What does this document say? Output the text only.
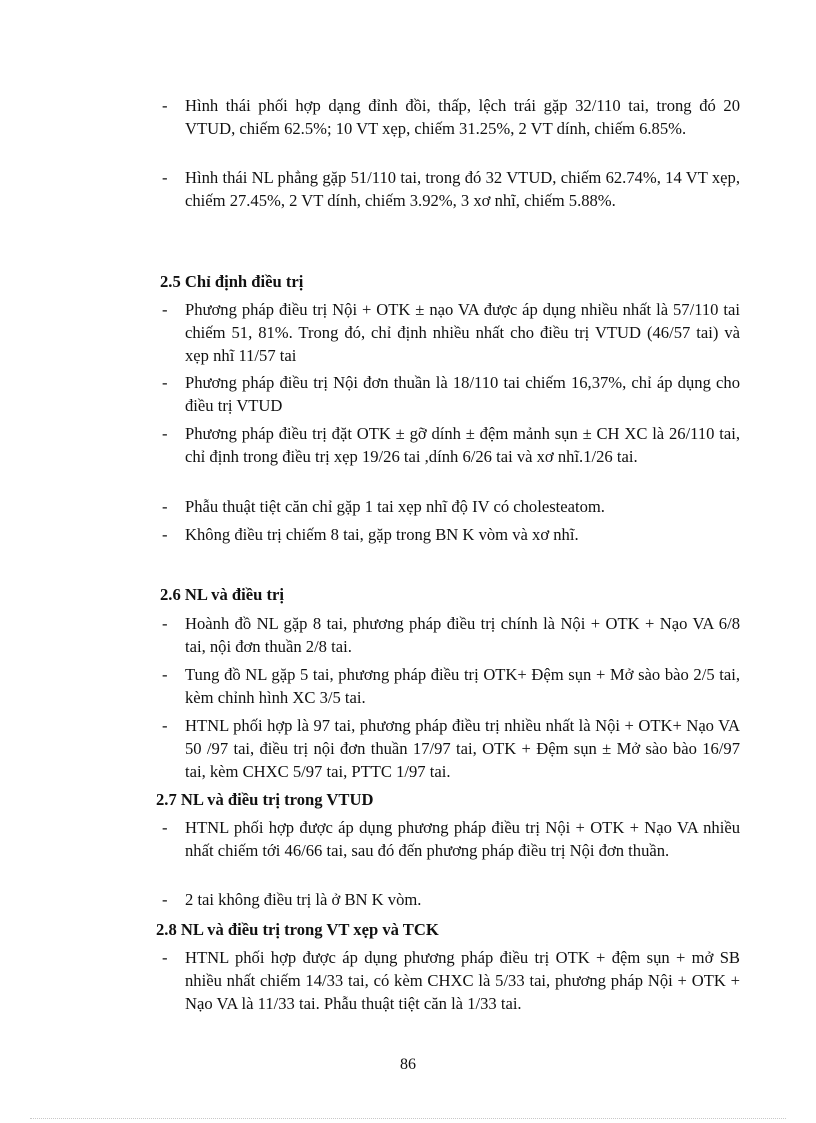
- Hình thái phối hợp dạng đỉnh đồi, thấp, lệch trái gặp 32/110 tai, trong đó 20 VTUD, chiếm 62.5%; 10 VT xẹp, chiếm 31.25%, 2 VT dính, chiếm 6.85%.
- Hình thái NL phẳng gặp 51/110 tai, trong đó 32 VTUD, chiếm 62.74%, 14 VT xẹp, chiếm 27.45%, 2 VT dính, chiếm 3.92%, 3 xơ nhĩ, chiếm 5.88%.
2.5 Chỉ định điều trị
- Phương pháp điều trị Nội + OTK ± nạo VA được áp dụng nhiều nhất là 57/110 tai chiếm 51, 81%. Trong đó, chỉ định nhiều nhất cho điều trị VTUD (46/57 tai) và xẹp nhĩ 11/57 tai
- Phương pháp điều trị Nội đơn thuần là 18/110 tai chiếm 16,37%, chỉ áp dụng cho điều trị VTUD
- Phương pháp điều trị đặt OTK ± gỡ dính ± đệm mảnh sụn ± CH XC là 26/110 tai, chỉ định trong điều trị xẹp 19/26 tai ,dính 6/26 tai và xơ nhĩ.1/26 tai.
- Phẫu thuật tiệt căn chỉ gặp 1 tai xẹp nhĩ độ IV có cholesteatom.
- Không điều trị chiếm 8 tai, gặp trong BN K vòm và xơ nhĩ.
2.6 NL và điều trị
- Hoành đồ NL gặp 8 tai, phương pháp điều trị chính là Nội + OTK + Nạo VA 6/8 tai, nội đơn thuần 2/8 tai.
- Tung đồ NL gặp 5 tai, phương pháp điều trị OTK+ Đệm sụn + Mở sào bào 2/5 tai, kèm chỉnh hình XC 3/5 tai.
- HTNL phối hợp là 97 tai, phương pháp điều trị nhiều nhất là Nội + OTK+ Nạo VA 50 /97 tai, điều trị nội đơn thuần 17/97 tai, OTK + Đệm sụn ± Mở sào bào 16/97 tai, kèm CHXC 5/97 tai, PTTC 1/97 tai.
2.7 NL và điều trị trong VTUD
- HTNL phối hợp được áp dụng phương pháp điều trị Nội + OTK + Nạo VA nhiều nhất chiếm tới 46/66 tai, sau đó đến phương pháp điều trị Nội đơn thuần.
- 2 tai không điều trị là ở BN K vòm.
2.8 NL và điều trị trong VT xẹp và TCK
- HTNL phối hợp được áp dụng phương pháp điều trị OTK + đệm sụn + mở SB nhiều nhất chiếm 14/33 tai, có kèm CHXC là 5/33 tai, phương pháp Nội + OTK + Nạo VA là 11/33 tai. Phẫu thuật tiệt căn là 1/33 tai.
86
